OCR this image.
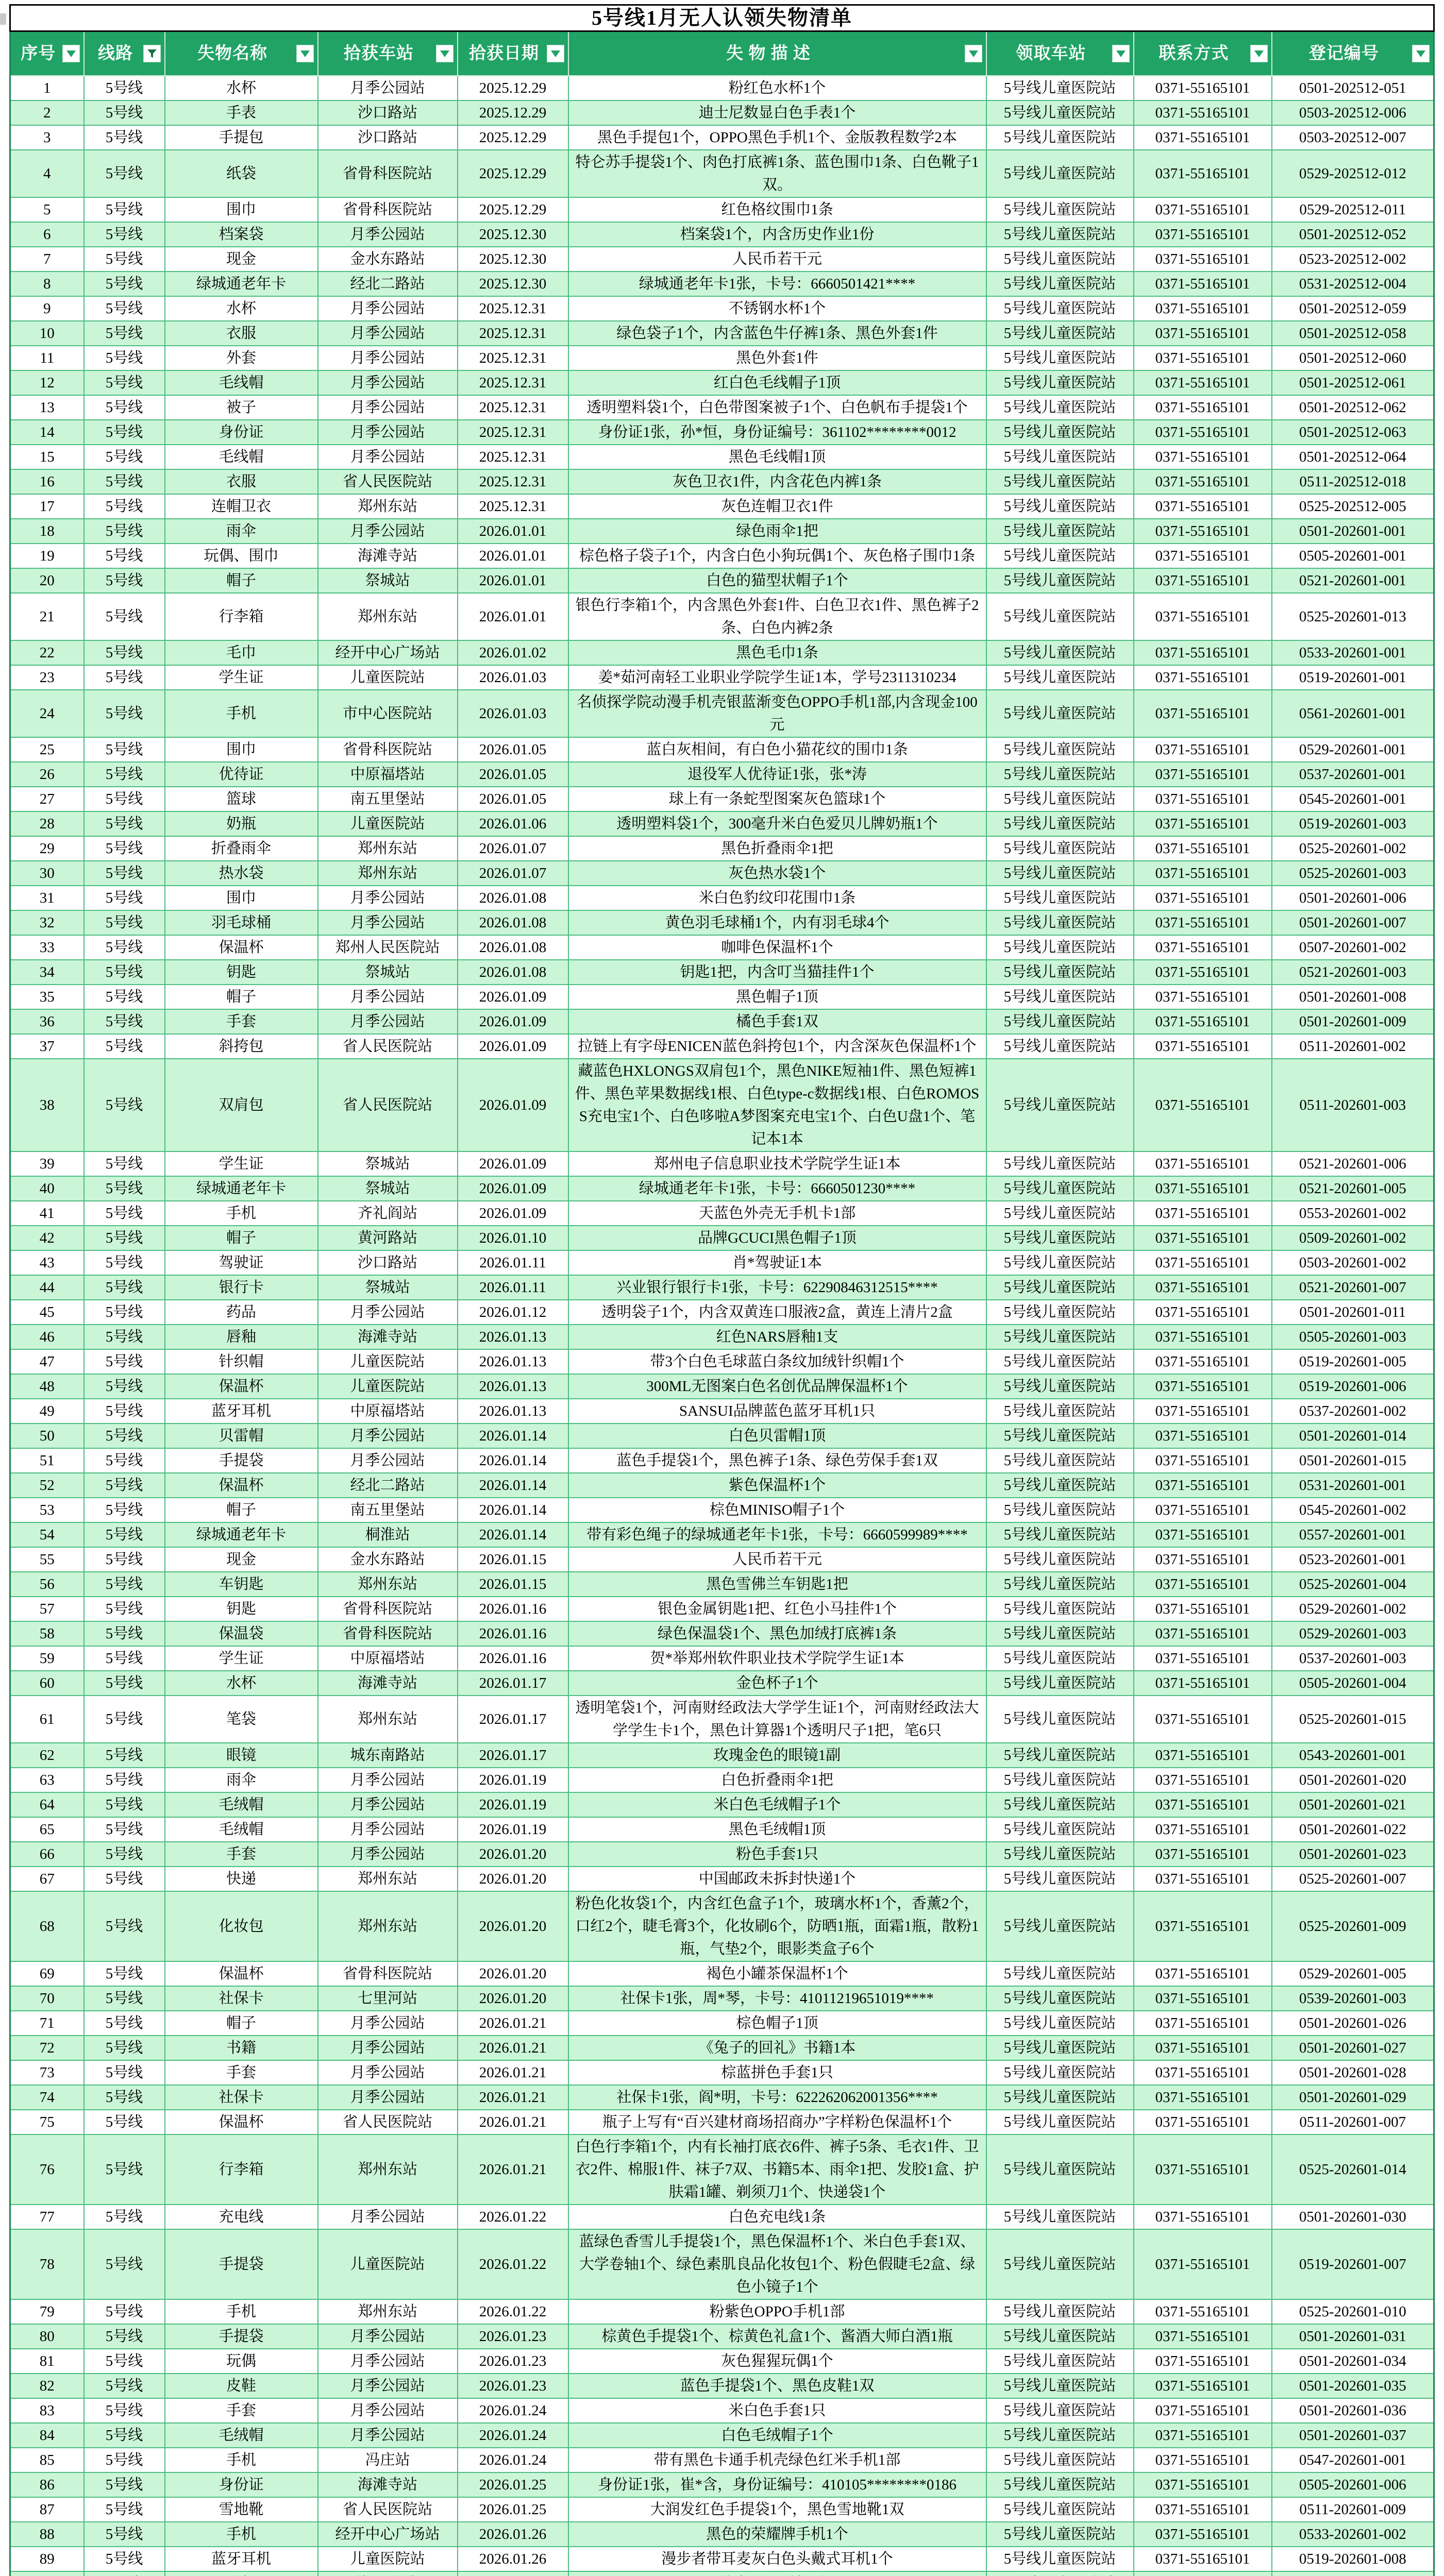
5号线1月无人认领失物清单								
序号	线路	失物名称	拾获车站	拾获日期	失 物 描 述	领取车站	联系方式	登记编号

1	5号线	水杯	月季公园站	2025.12.29	粉红色水杯1个	5号线儿童医院站	0371-55165101	0501-202512-051
2	5号线	手表	沙口路站	2025.12.29	迪士尼数显白色手表1个	5号线儿童医院站	0371-55165101	0503-202512-006
3	5号线	手提包	沙口路站	2025.12.29	黑色手提包1个，OPPO黑色手机1个、金版教程数学2本	5号线儿童医院站	0371-55165101	0503-202512-007
4	5号线	纸袋	省骨科医院站	2025.12.29	特仑苏手提袋1个、肉色打底裤1条、蓝色围巾1条、白色靴子1双。	5号线儿童医院站	0371-55165101	0529-202512-012
5	5号线	围巾	省骨科医院站	2025.12.29	红色格纹围巾1条	5号线儿童医院站	0371-55165101	0529-202512-011
6	5号线	档案袋	月季公园站	2025.12.30	档案袋1个，内含历史作业1份	5号线儿童医院站	0371-55165101	0501-202512-052
7	5号线	现金	金水东路站	2025.12.30	人民币若干元	5号线儿童医院站	0371-55165101	0523-202512-002
8	5号线	绿城通老年卡	经北二路站	2025.12.30	绿城通老年卡1张，卡号：6660501421****	5号线儿童医院站	0371-55165101	0531-202512-004
9	5号线	水杯	月季公园站	2025.12.31	不锈钢水杯1个	5号线儿童医院站	0371-55165101	0501-202512-059
10	5号线	衣服	月季公园站	2025.12.31	绿色袋子1个，内含蓝色牛仔裤1条、黑色外套1件	5号线儿童医院站	0371-55165101	0501-202512-058
11	5号线	外套	月季公园站	2025.12.31	黑色外套1件	5号线儿童医院站	0371-55165101	0501-202512-060
12	5号线	毛线帽	月季公园站	2025.12.31	红白色毛线帽子1顶	5号线儿童医院站	0371-55165101	0501-202512-061
13	5号线	被子	月季公园站	2025.12.31	透明塑料袋1个，白色带图案被子1个、白色帆布手提袋1个	5号线儿童医院站	0371-55165101	0501-202512-062
14	5号线	身份证	月季公园站	2025.12.31	身份证1张，孙*恒，身份证编号：361102********0012	5号线儿童医院站	0371-55165101	0501-202512-063
15	5号线	毛线帽	月季公园站	2025.12.31	黑色毛线帽1顶	5号线儿童医院站	0371-55165101	0501-202512-064
16	5号线	衣服	省人民医院站	2025.12.31	灰色卫衣1件，内含花色内裤1条	5号线儿童医院站	0371-55165101	0511-202512-018
17	5号线	连帽卫衣	郑州东站	2025.12.31	灰色连帽卫衣1件	5号线儿童医院站	0371-55165101	0525-202512-005
18	5号线	雨伞	月季公园站	2026.01.01	绿色雨伞1把	5号线儿童医院站	0371-55165101	0501-202601-001
19	5号线	玩偶、围巾	海滩寺站	2026.01.01	棕色格子袋子1个，内含白色小狗玩偶1个、灰色格子围巾1条	5号线儿童医院站	0371-55165101	0505-202601-001
20	5号线	帽子	祭城站	2026.01.01	白色的猫型状帽子1个	5号线儿童医院站	0371-55165101	0521-202601-001
21	5号线	行李箱	郑州东站	2026.01.01	银色行李箱1个，内含黑色外套1件、白色卫衣1件、黑色裤子2条、白色内裤2条	5号线儿童医院站	0371-55165101	0525-202601-013
22	5号线	毛巾	经开中心广场站	2026.01.02	黑色毛巾1条	5号线儿童医院站	0371-55165101	0533-202601-001
23	5号线	学生证	儿童医院站	2026.01.03	姜*茹河南轻工业职业学院学生证1本，学号2311310234	5号线儿童医院站	0371-55165101	0519-202601-001
24	5号线	手机	市中心医院站	2026.01.03	名侦探学院动漫手机壳银蓝渐变色OPPO手机1部,内含现金100元	5号线儿童医院站	0371-55165101	0561-202601-001
25	5号线	围巾	省骨科医院站	2026.01.05	蓝白灰相间，有白色小猫花纹的围巾1条	5号线儿童医院站	0371-55165101	0529-202601-001
26	5号线	优待证	中原福塔站	2026.01.05	退役军人优待证1张，张*涛	5号线儿童医院站	0371-55165101	0537-202601-001
27	5号线	篮球	南五里堡站	2026.01.05	球上有一条蛇型图案灰色篮球1个	5号线儿童医院站	0371-55165101	0545-202601-001
28	5号线	奶瓶	儿童医院站	2026.01.06	透明塑料袋1个，300毫升米白色爱贝儿牌奶瓶1个	5号线儿童医院站	0371-55165101	0519-202601-003
29	5号线	折叠雨伞	郑州东站	2026.01.07	黑色折叠雨伞1把	5号线儿童医院站	0371-55165101	0525-202601-002
30	5号线	热水袋	郑州东站	2026.01.07	灰色热水袋1个	5号线儿童医院站	0371-55165101	0525-202601-003
31	5号线	围巾	月季公园站	2026.01.08	米白色豹纹印花围巾1条	5号线儿童医院站	0371-55165101	0501-202601-006
32	5号线	羽毛球桶	月季公园站	2026.01.08	黄色羽毛球桶1个，内有羽毛球4个	5号线儿童医院站	0371-55165101	0501-202601-007
33	5号线	保温杯	郑州人民医院站	2026.01.08	咖啡色保温杯1个	5号线儿童医院站	0371-55165101	0507-202601-002
34	5号线	钥匙	祭城站	2026.01.08	钥匙1把，内含叮当猫挂件1个	5号线儿童医院站	0371-55165101	0521-202601-003
35	5号线	帽子	月季公园站	2026.01.09	黑色帽子1顶	5号线儿童医院站	0371-55165101	0501-202601-008
36	5号线	手套	月季公园站	2026.01.09	橘色手套1双	5号线儿童医院站	0371-55165101	0501-202601-009
37	5号线	斜挎包	省人民医院站	2026.01.09	拉链上有字母ENICEN蓝色斜挎包1个，内含深灰色保温杯1个	5号线儿童医院站	0371-55165101	0511-202601-002
38	5号线	双肩包	省人民医院站	2026.01.09	藏蓝色HXLONGS双肩包1个，黑色NIKE短袖1件、黑色短裤1件、黑色苹果数据线1根、白色type-c数据线1根、白色ROMOSS充电宝1个、白色哆啦A梦图案充电宝1个、白色U盘1个、笔记本1本	5号线儿童医院站	0371-55165101	0511-202601-003
39	5号线	学生证	祭城站	2026.01.09	郑州电子信息职业技术学院学生证1本	5号线儿童医院站	0371-55165101	0521-202601-006
40	5号线	绿城通老年卡	祭城站	2026.01.09	绿城通老年卡1张，卡号：6660501230****	5号线儿童医院站	0371-55165101	0521-202601-005
41	5号线	手机	齐礼阎站	2026.01.09	天蓝色外壳无手机卡1部	5号线儿童医院站	0371-55165101	0553-202601-002
42	5号线	帽子	黄河路站	2026.01.10	品牌GCUCI黑色帽子1顶	5号线儿童医院站	0371-55165101	0509-202601-002
43	5号线	驾驶证	沙口路站	2026.01.11	肖*驾驶证1本	5号线儿童医院站	0371-55165101	0503-202601-002
44	5号线	银行卡	祭城站	2026.01.11	兴业银行银行卡1张，卡号：62290846312515****	5号线儿童医院站	0371-55165101	0521-202601-007
45	5号线	药品	月季公园站	2026.01.12	透明袋子1个，内含双黄连口服液2盒，黄连上清片2盒	5号线儿童医院站	0371-55165101	0501-202601-011
46	5号线	唇釉	海滩寺站	2026.01.13	红色NARS唇釉1支	5号线儿童医院站	0371-55165101	0505-202601-003
47	5号线	针织帽	儿童医院站	2026.01.13	带3个白色毛球蓝白条纹加绒针织帽1个	5号线儿童医院站	0371-55165101	0519-202601-005
48	5号线	保温杯	儿童医院站	2026.01.13	300ML无图案白色名创优品牌保温杯1个	5号线儿童医院站	0371-55165101	0519-202601-006
49	5号线	蓝牙耳机	中原福塔站	2026.01.13	SANSUI品牌蓝色蓝牙耳机1只	5号线儿童医院站	0371-55165101	0537-202601-002
50	5号线	贝雷帽	月季公园站	2026.01.14	白色贝雷帽1顶	5号线儿童医院站	0371-55165101	0501-202601-014
51	5号线	手提袋	月季公园站	2026.01.14	蓝色手提袋1个，黑色裤子1条、绿色劳保手套1双	5号线儿童医院站	0371-55165101	0501-202601-015
52	5号线	保温杯	经北二路站	2026.01.14	紫色保温杯1个	5号线儿童医院站	0371-55165101	0531-202601-001
53	5号线	帽子	南五里堡站	2026.01.14	棕色MINISO帽子1个	5号线儿童医院站	0371-55165101	0545-202601-002
54	5号线	绿城通老年卡	桐淮站	2026.01.14	带有彩色绳子的绿城通老年卡1张，卡号：6660599989****	5号线儿童医院站	0371-55165101	0557-202601-001
55	5号线	现金	金水东路站	2026.01.15	人民币若干元	5号线儿童医院站	0371-55165101	0523-202601-001
56	5号线	车钥匙	郑州东站	2026.01.15	黑色雪佛兰车钥匙1把	5号线儿童医院站	0371-55165101	0525-202601-004
57	5号线	钥匙	省骨科医院站	2026.01.16	银色金属钥匙1把、红色小马挂件1个	5号线儿童医院站	0371-55165101	0529-202601-002
58	5号线	保温袋	省骨科医院站	2026.01.16	绿色保温袋1个、黑色加绒打底裤1条	5号线儿童医院站	0371-55165101	0529-202601-003
59	5号线	学生证	中原福塔站	2026.01.16	贺*举郑州软件职业技术学院学生证1本	5号线儿童医院站	0371-55165101	0537-202601-003
60	5号线	水杯	海滩寺站	2026.01.17	金色杯子1个	5号线儿童医院站	0371-55165101	0505-202601-004
61	5号线	笔袋	郑州东站	2026.01.17	透明笔袋1个，河南财经政法大学学生证1个，河南财经政法大学学生卡1个，黑色计算器1个透明尺子1把，笔6只	5号线儿童医院站	0371-55165101	0525-202601-015
62	5号线	眼镜	城东南路站	2026.01.17	玫瑰金色的眼镜1副	5号线儿童医院站	0371-55165101	0543-202601-001
63	5号线	雨伞	月季公园站	2026.01.19	白色折叠雨伞1把	5号线儿童医院站	0371-55165101	0501-202601-020
64	5号线	毛绒帽	月季公园站	2026.01.19	米白色毛绒帽子1个	5号线儿童医院站	0371-55165101	0501-202601-021
65	5号线	毛绒帽	月季公园站	2026.01.19	黑色毛绒帽1顶	5号线儿童医院站	0371-55165101	0501-202601-022
66	5号线	手套	月季公园站	2026.01.20	粉色手套1只	5号线儿童医院站	0371-55165101	0501-202601-023
67	5号线	快递	郑州东站	2026.01.20	中国邮政未拆封快递1个	5号线儿童医院站	0371-55165101	0525-202601-007
68	5号线	化妆包	郑州东站	2026.01.20	粉色化妆袋1个，内含红色盒子1个，玻璃水杯1个，香薰2个，口红2个，睫毛膏3个，化妆刷6个，防晒1瓶，面霜1瓶，散粉1瓶，气垫2个，眼影类盒子6个	5号线儿童医院站	0371-55165101	0525-202601-009
69	5号线	保温杯	省骨科医院站	2026.01.20	褐色小罐茶保温杯1个	5号线儿童医院站	0371-55165101	0529-202601-005
70	5号线	社保卡	七里河站	2026.01.20	社保卡1张，周*琴，卡号：41011219651019****	5号线儿童医院站	0371-55165101	0539-202601-003
71	5号线	帽子	月季公园站	2026.01.21	棕色帽子1顶	5号线儿童医院站	0371-55165101	0501-202601-026
72	5号线	书籍	月季公园站	2026.01.21	《兔子的回礼》书籍1本	5号线儿童医院站	0371-55165101	0501-202601-027
73	5号线	手套	月季公园站	2026.01.21	棕蓝拼色手套1只	5号线儿童医院站	0371-55165101	0501-202601-028
74	5号线	社保卡	月季公园站	2026.01.21	社保卡1张，阎*明，卡号：622262062001356****	5号线儿童医院站	0371-55165101	0501-202601-029
75	5号线	保温杯	省人民医院站	2026.01.21	瓶子上写有“百兴建材商场招商办”字样粉色保温杯1个	5号线儿童医院站	0371-55165101	0511-202601-007
76	5号线	行李箱	郑州东站	2026.01.21	白色行李箱1个，内有长袖打底衣6件、裤子5条、毛衣1件、卫衣2件、棉服1件、袜子7双、书籍5本、雨伞1把、发胶1盒、护肤霜1罐、剃须刀1个、快递袋1个	5号线儿童医院站	0371-55165101	0525-202601-014
77	5号线	充电线	月季公园站	2026.01.22	白色充电线1条	5号线儿童医院站	0371-55165101	0501-202601-030
78	5号线	手提袋	儿童医院站	2026.01.22	蓝绿色香雪儿手提袋1个，黑色保温杯1个、米白色手套1双、大学卷轴1个、绿色素肌良品化妆包1个、粉色假睫毛2盒、绿色小镜子1个	5号线儿童医院站	0371-55165101	0519-202601-007
79	5号线	手机	郑州东站	2026.01.22	粉紫色OPPO手机1部	5号线儿童医院站	0371-55165101	0525-202601-010
80	5号线	手提袋	月季公园站	2026.01.23	棕黄色手提袋1个、棕黄色礼盒1个、酱酒大师白酒1瓶	5号线儿童医院站	0371-55165101	0501-202601-031
81	5号线	玩偶	月季公园站	2026.01.23	灰色猩猩玩偶1个	5号线儿童医院站	0371-55165101	0501-202601-034
82	5号线	皮鞋	月季公园站	2026.01.23	蓝色手提袋1个、黑色皮鞋1双	5号线儿童医院站	0371-55165101	0501-202601-035
83	5号线	手套	月季公园站	2026.01.24	米白色手套1只	5号线儿童医院站	0371-55165101	0501-202601-036
84	5号线	毛绒帽	月季公园站	2026.01.24	白色毛绒帽子1个	5号线儿童医院站	0371-55165101	0501-202601-037
85	5号线	手机	冯庄站	2026.01.24	带有黑色卡通手机壳绿色红米手机1部	5号线儿童医院站	0371-55165101	0547-202601-001
86	5号线	身份证	海滩寺站	2026.01.25	身份证1张，崔*含，身份证编号：410105********0186	5号线儿童医院站	0371-55165101	0505-202601-006
87	5号线	雪地靴	省人民医院站	2026.01.25	大润发红色手提袋1个，黑色雪地靴1双	5号线儿童医院站	0371-55165101	0511-202601-009
88	5号线	手机	经开中心广场站	2026.01.26	黑色的荣耀牌手机1个	5号线儿童医院站	0371-55165101	0533-202601-002
89	5号线	蓝牙耳机	儿童医院站	2026.01.26	漫步者带耳麦灰白色头戴式耳机1个	5号线儿童医院站	0371-55165101	0519-202601-008
